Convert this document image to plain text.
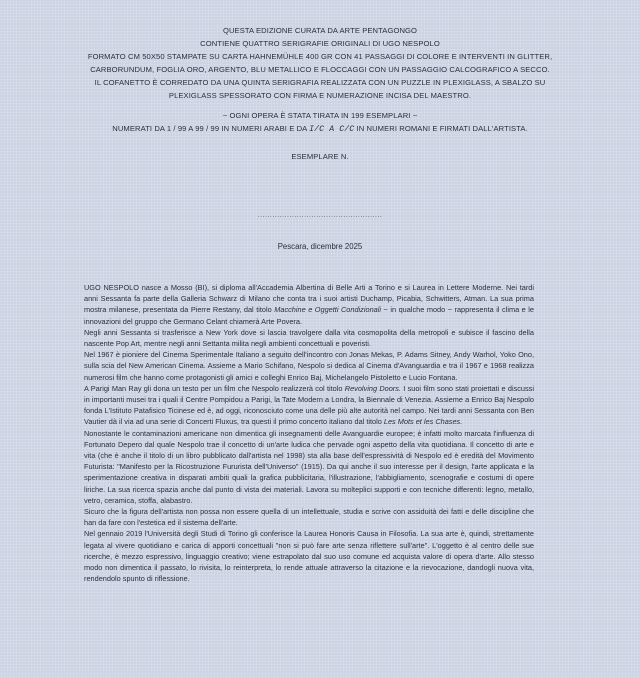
QUESTA EDIZIONE CURATA DA ARTE PENTAGONGO
CONTIENE QUATTRO SERIGRAFIE ORIGINALI DI UGO NESPOLO
FORMATO CM 50X50 STAMPATE SU CARTA HAHNEMÜHLE 400 GR CON 41 PASSAGGI DI COLORE E INTERVENTI IN GLITTER,
CARBORUNDUM, FOGLIA ORO, ARGENTO, BLU METALLICO E FLOCCAGGI CON UN PASSAGGIO CALCOGRAFICO A SECCO.
IL COFANETTO È CORREDATO DA UNA QUINTA SERIGRAFIA REALIZZATA CON UN PUZZLE IN PLEXIGLASS, A SBALZO SU
PLEXIGLASS SPESSORATO CON FIRMA E NUMERAZIONE INCISA DEL MAESTRO.
~ OGNI OPERA È STATA TIRATA IN 199 ESEMPLARI ~
NUMERATI DA 1 / 99 A 99 / 99 IN NUMERI ARABI E DA I/C A C/C IN NUMERI ROMANI E FIRMATI DALL'ARTISTA.
ESEMPLARE N.
...................................................
Pescara, dicembre 2025

UGO NESPOLO nasce a Mosso (BI), si diploma all'Accademia Albertina di Belle Arti a Torino e si Laurea in Lettere Moderne. Nei tardi anni Sessanta fa parte della Galleria Schwarz di Milano che conta tra i suoi artisti Duchamp, Picabia, Schwitters, Atman. La sua prima mostra milanese, presentata da Pierre Restany, dal titolo Macchine e Oggetti Condizionali ~ in qualche modo ~ rappresenta il clima e le innovazioni del gruppo che Germano Celant chiamerà Arte Povera.

Negli anni Sessanta si trasferisce a New York dove si lascia travolgere dalla vita cosmopolita della metropoli e subisce il fascino della nascente Pop Art, mentre negli anni Settanta milita negli ambienti concettuali e poveristi.

Nel 1967 è pioniere del Cinema Sperimentale Italiano a seguito dell'incontro con Jonas Mekas, P. Adams Sitney, Andy Warhol, Yoko Ono, sulla scia del New American Cinema. Assieme a Mario Schifano, Nespolo si dedica al Cinema d'Avanguardia e tra il 1967 e 1968 realizza numerosi film che hanno come protagonisti gli amici e colleghi Enrico Baj, Michelangelo Pistoletto e Lucio Fontana.

A Parigi Man Ray gli dona un testo per un film che Nespolo realizzerà col titolo Revolving Doors. I suoi film sono stati proiettati e discussi in importanti musei tra i quali il Centre Pompidou a Parigi, la Tate Modern a Londra, la Biennale di Venezia. Assieme a Enrico Baj Nespolo fonda L'Istituto Patafisico Ticinese ed è, ad oggi, riconosciuto come una delle più alte autorità nel campo. Nei tardi anni Sessanta con Ben Vautier dà il via ad una serie di Concerti Fluxus, tra questi il primo concerto italiano dal titolo Les Mots et les Chases.

Nonostante le contaminazioni americane non dimentica gli insegnamenti delle Avanguardie europee; è infatti molto marcata l'influenza di Fortunato Depero dal quale Nespolo trae il concetto di un'arte ludica che pervade ogni aspetto della vita quotidiana. Il concetto di arte e vita (che è anche il titolo di un libro pubblicato dall'artista nel 1998) sta alla base dell'espressività di Nespolo ed è eredità del Movimento Futurista: "Manifesto per la Ricostruzione Fururista dell'Universo" (1915). Da qui anche il suo interesse per il design, l'arte applicata e la sperimentazione creativa in disparati ambiti quali la grafica pubblicitaria, l'illustrazione, l'abbigliamento, scenografie e costumi di opere liriche. La sua ricerca spazia anche dal punto di vista dei materiali. Lavora su molteplici supporti e con tecniche differenti: legno, metallo, vetro, ceramica, stoffa, alabastro.

Sicuro che la figura dell'artista non possa non essere quella di un intellettuale, studia e scrive con assiduità dei fatti e delle discipline che han da fare con l'estetica ed il sistema dell'arte.

Nel gennaio 2019 l'Università degli Studi di Torino gli conferisce la Laurea Honoris Causa in Filosofia. La sua arte è, quindi, strettamente legata al vivere quotidiano e carica di apporti concettuali "non si può fare arte senza riflettere sull'arte". L'oggetto è al centro delle sue ricerche, è mezzo espressivo, linguaggio creativo; viene estrapolato dal suo uso comune ed acquista valore di opera d'arte. Allo stesso modo non dimentica il passato, lo rivisita, lo reinterpreta, lo rende attuale attraverso la citazione e la rievocazione, dandogli nuova vita, rendendolo spunto di riflessione.
